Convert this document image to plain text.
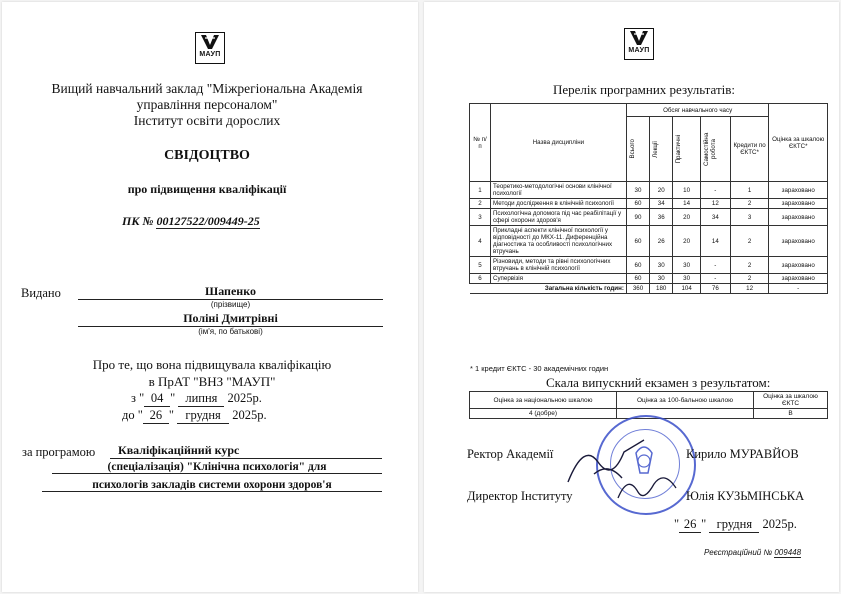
МАУП
Вищий навчальний заклад "Міжрегіональна Академія
управління персоналом"
Інститут освіти дорослих
СВІДОЦТВО
про підвищення кваліфікації
ПК № 00127522/009449-25
Видано	Шапенко
(прізвище)
Поліні Дмитрівні
(ім'я, по батькові)
Про те, що вона підвищувала кваліфікацію
в ПрАТ "ВНЗ "МАУП"
з " 04 " липня 2025р.
до " 26 " грудня 2025р.
за програмою	Кваліфікаційний курс
(спеціалізація) "Клінічна психологія" для
психологів закладів системи охорони здоров'я
МАУП
Перелік програмних результатів:
№ п/п	Назва дисципліни	Обсяг навчального часу					Оцінка за шкалою ЄКТС*

		Всього	Лекції	Практичні	Самостійна робота	Кредити по ЄКТС*	
1	Теоретико-методологічні основи клінічної психології	30	20	10	-	1	зараховано
2	Методи дослідження в клінічній психології	60	34	14	12	2	зараховано
3	Психологічна допомога під час реабілітації у сфері охорони здоров'я	90	36	20	34	3	зараховано
4	Прикладні аспекти клінічної психології у відповідності до МКХ-11. Диференційна діагностика та особливості психологічних втручань	60	26	20	14	2	зараховано
5	Різновиди, методи та рівні психологічних втручань в клінічній психології	60	30	30	-	2	зараховано
6	Супервізія	60	30	30	-	2	зараховано
Загальна кількість годин:		360	180	104	76	12	-
* 1 кредит ЄКТС - 30 академічних годин
Скала випускний екзамен з результатом:
Оцінка за національною шкалою	Оцінка за 100-бальною шкалою	Оцінка за шкалою ЄКТС
4 (добре)		B
Ректор Академії	Кирило МУРАВЙОВ
Директор Інституту	Юлія КУЗЬМІНСЬКА
" 26 " грудня 2025р.
Реєстраційний № 009448
